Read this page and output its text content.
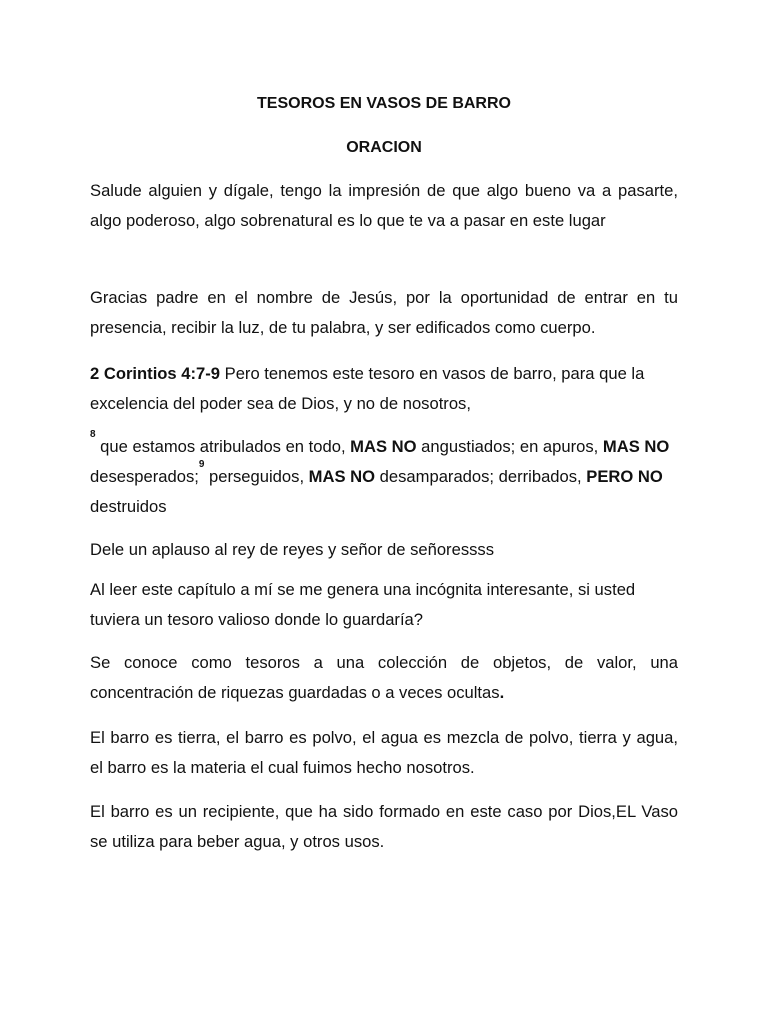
TESOROS EN VASOS DE BARRO
ORACION

Salude alguien y dígale, tengo la impresión de que algo bueno va a pasarte, algo poderoso, algo sobrenatural es lo que te va a pasar en este lugar

Gracias padre en el nombre de Jesús, por la oportunidad de entrar en tu presencia, recibir la luz, de tu palabra, y ser edificados como cuerpo.

2 Corintios 4:7-9 Pero tenemos este tesoro en vasos de barro, para que la excelencia del poder sea de Dios, y no de nosotros,

$^8$ que estamos atribulados en todo, MAS NO angustiados; en apuros, MAS NO desesperados;$^9$ perseguidos, MAS NO desamparados; derribados, PERO NO destruidos

Dele un aplauso al rey de reyes y señor de señoressss

Al leer este capítulo a mí se me genera una incógnita interesante, si usted tuviera un tesoro valioso donde lo guardaría?

Se conoce como tesoros a una colección de objetos, de valor, una concentración de riquezas guardadas o a veces ocultas.

El barro es tierra, el barro es polvo, el agua es mezcla de polvo, tierra y agua, el barro es la materia el cual fuimos hecho nosotros.

El barro es un recipiente, que ha sido formado en este caso por Dios,EL Vaso se utiliza para beber agua, y otros usos.
